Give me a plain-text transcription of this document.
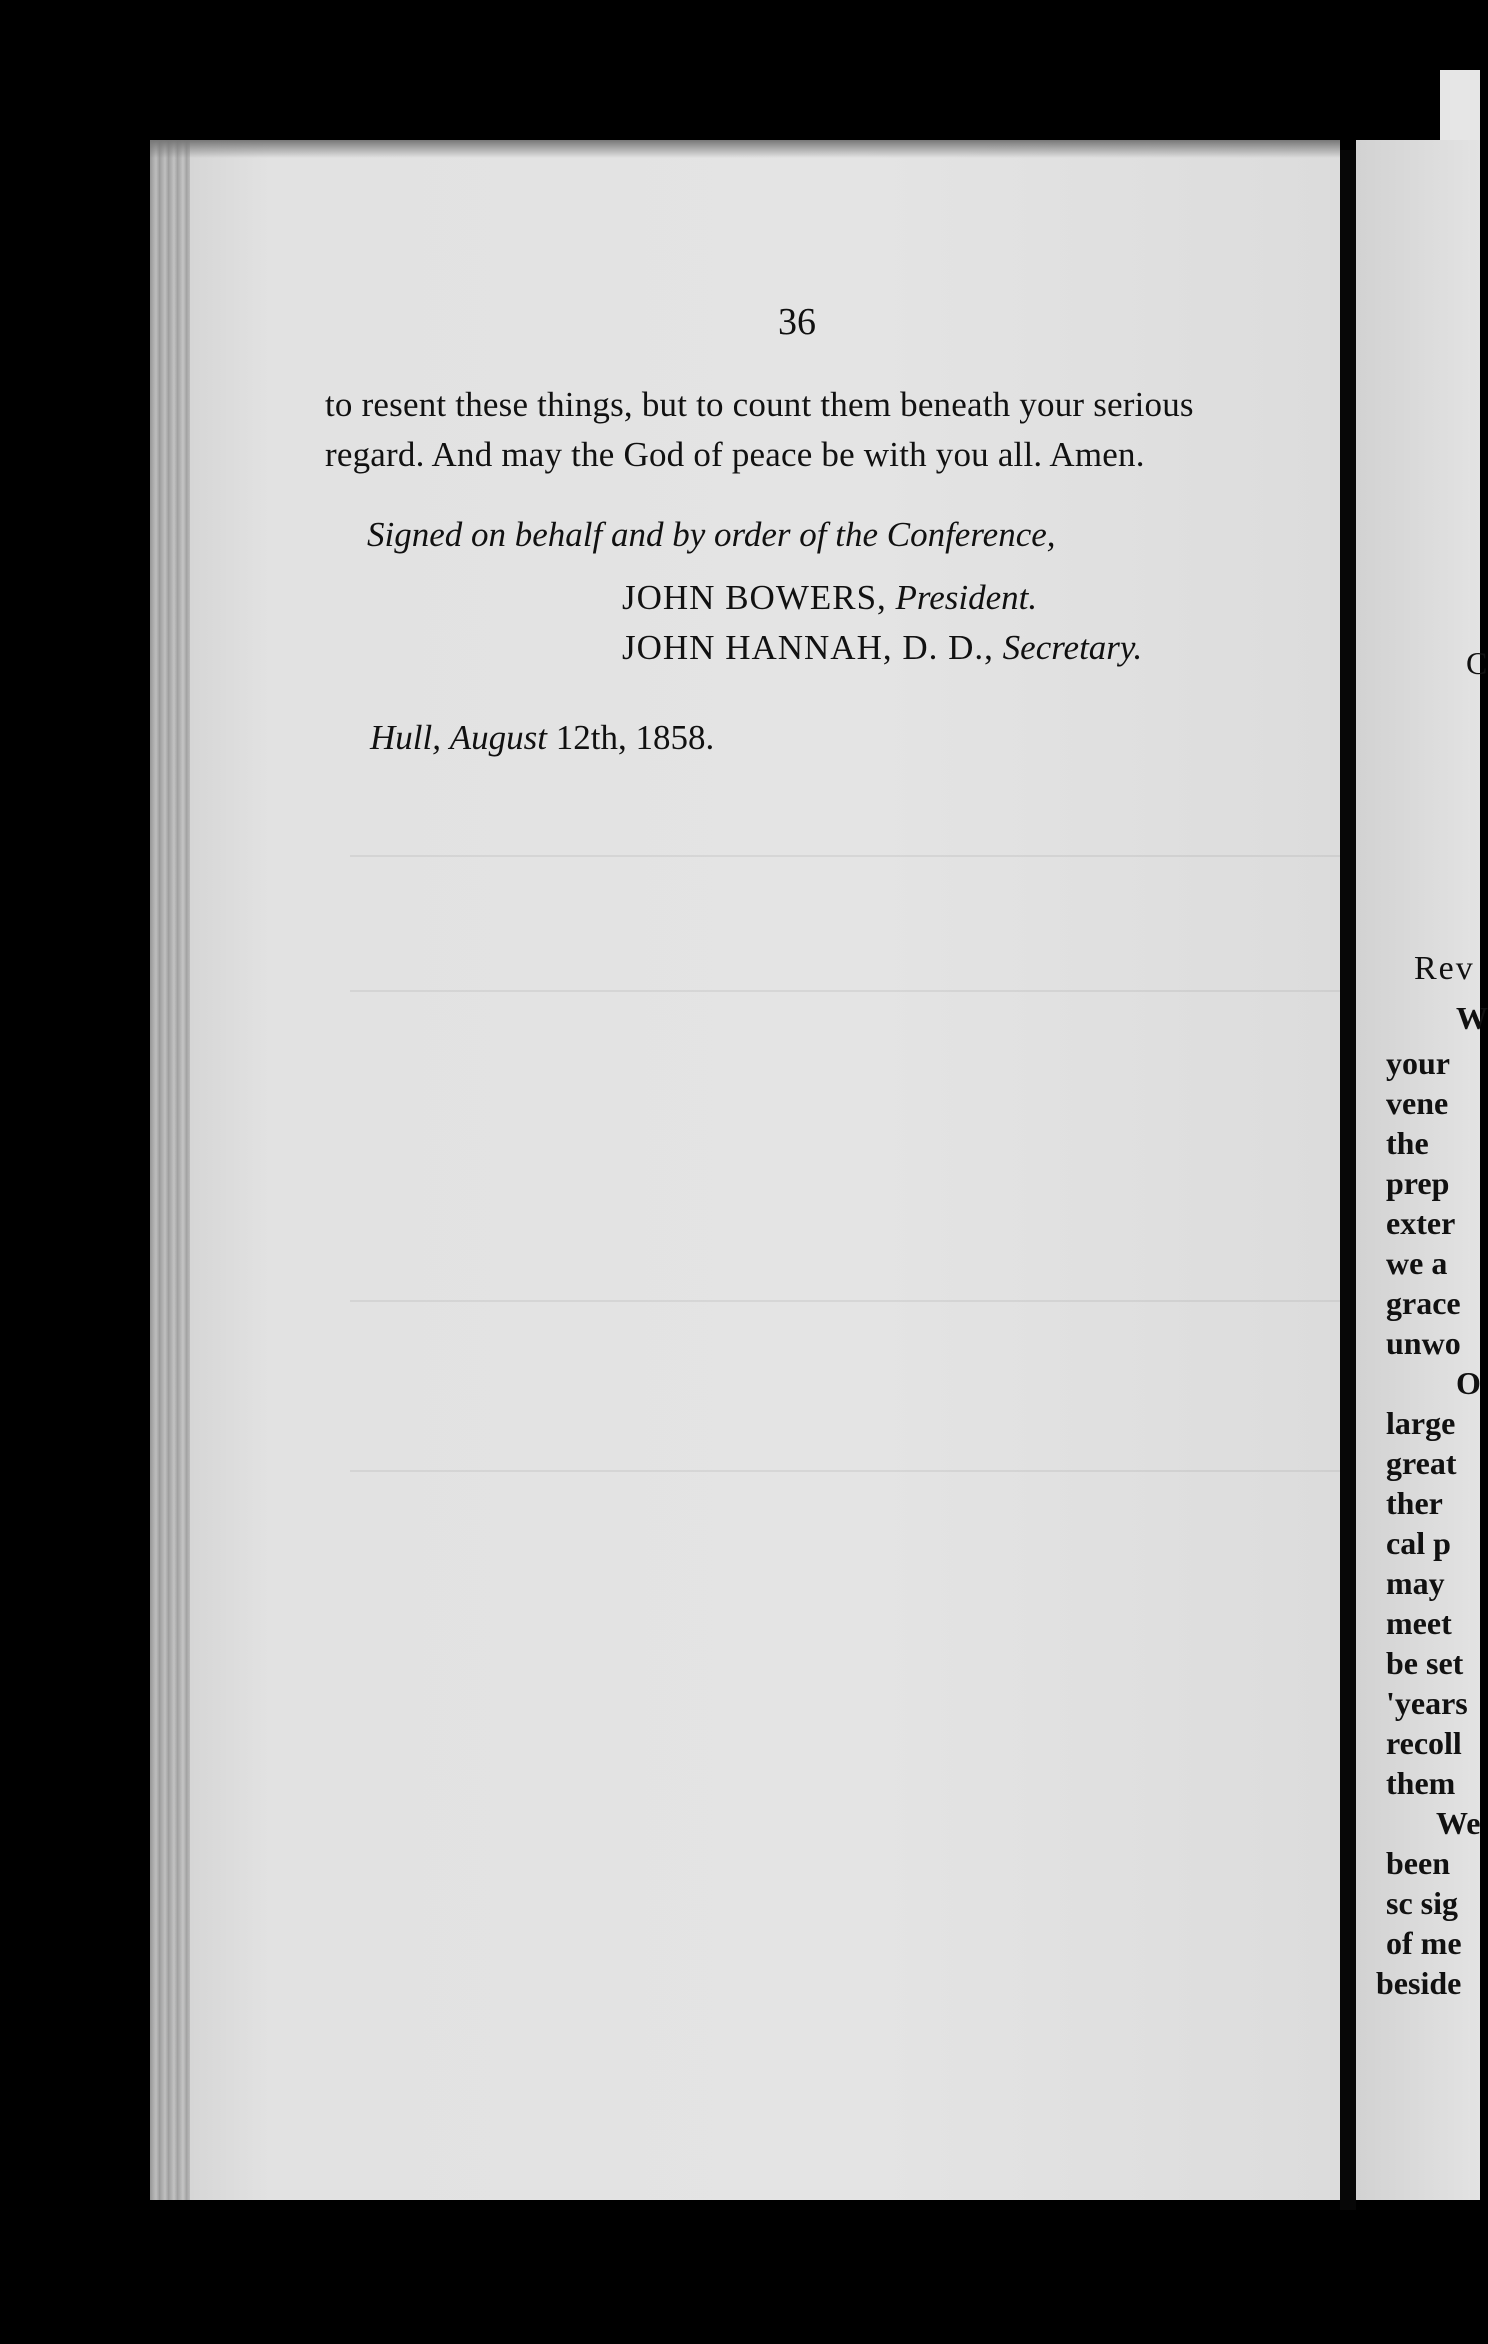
36
to resent these things, but to count them beneath your serious
regard. And may the God of peace be with you all. Amen.
Signed on behalf and by order of the Conference,
JOHN BOWERS, President.
JOHN HANNAH, D. D., Secretary.
Hull, August 12th, 1858.
C
Rev
W
your
vene
the
prep
exter
we a
grace
unwo
O
large
great
ther
cal p
may
meet
be set
'years
recoll
them
We
been
sc sig
of me
beside
